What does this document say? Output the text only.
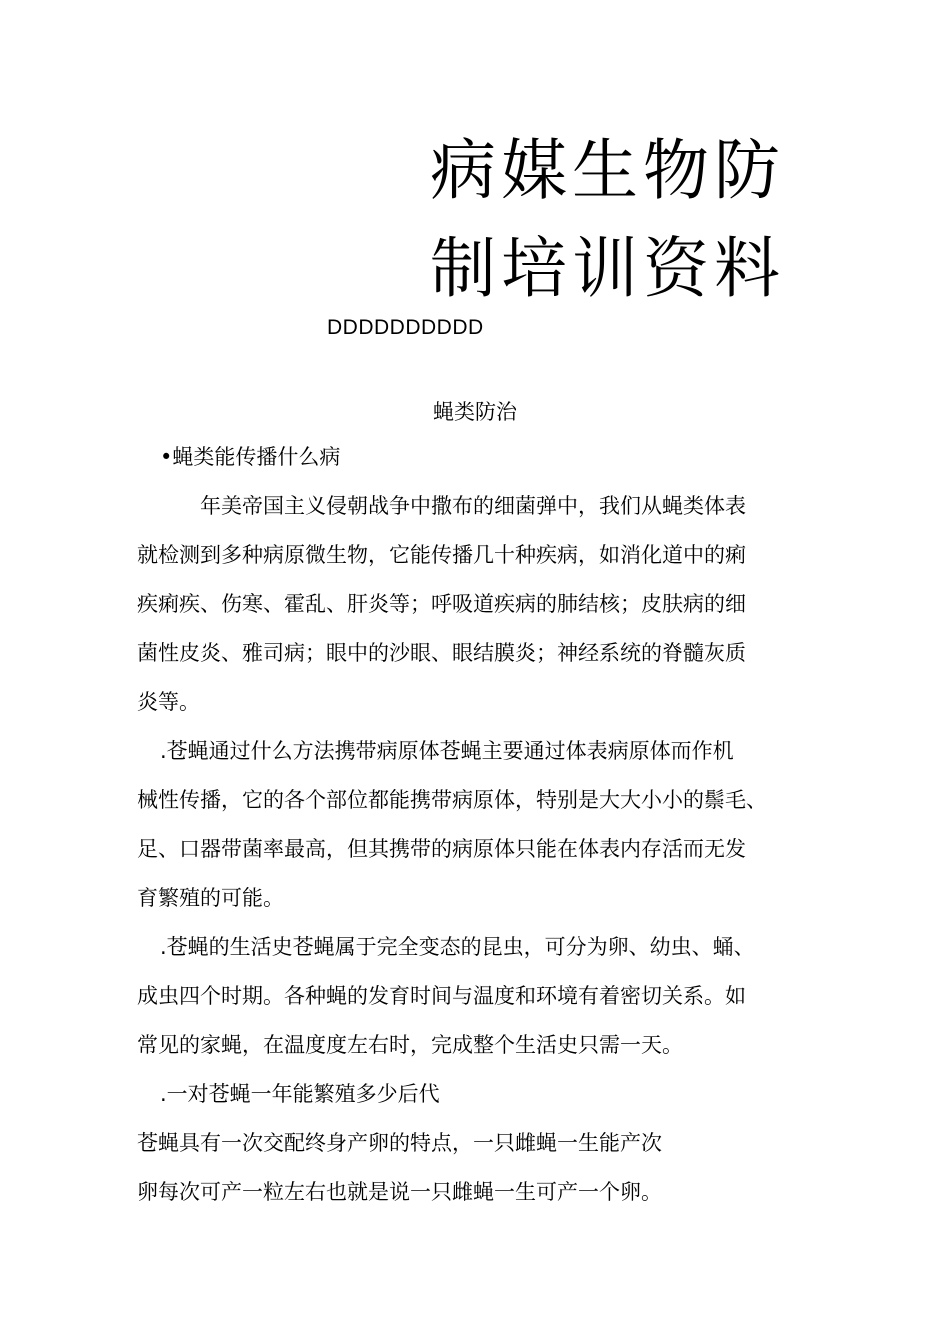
病媒生物防
制培训资料
DDDDDDDDDD
蝇类防治
•蝇类能传播什么病
年美帝国主义侵朝战争中撒布的细菌弹中，我们从蝇类体表
就检测到多种病原微生物，它能传播几十种疾病，如消化道中的痢
疾痢疾、伤寒、霍乱、肝炎等；呼吸道疾病的肺结核；皮肤病的细
菌性皮炎、雅司病；眼中的沙眼、眼结膜炎；神经系统的脊髓灰质
炎等。
.苍蝇通过什么方法携带病原体苍蝇主要通过体表病原体而作机
械性传播，它的各个部位都能携带病原体，特别是大大小小的鬃毛、
足、口器带菌率最高，但其携带的病原体只能在体表内存活而无发
育繁殖的可能。
.苍蝇的生活史苍蝇属于完全变态的昆虫，可分为卵、幼虫、蛹、
成虫四个时期。各种蝇的发育时间与温度和环境有着密切关系。如
常见的家蝇，在温度度左右时，完成整个生活史只需一天。
.一对苍蝇一年能繁殖多少后代
苍蝇具有一次交配终身产卵的特点，一只雌蝇一生能产次
卵每次可产一粒左右也就是说一只雌蝇一生可产一个卵。
